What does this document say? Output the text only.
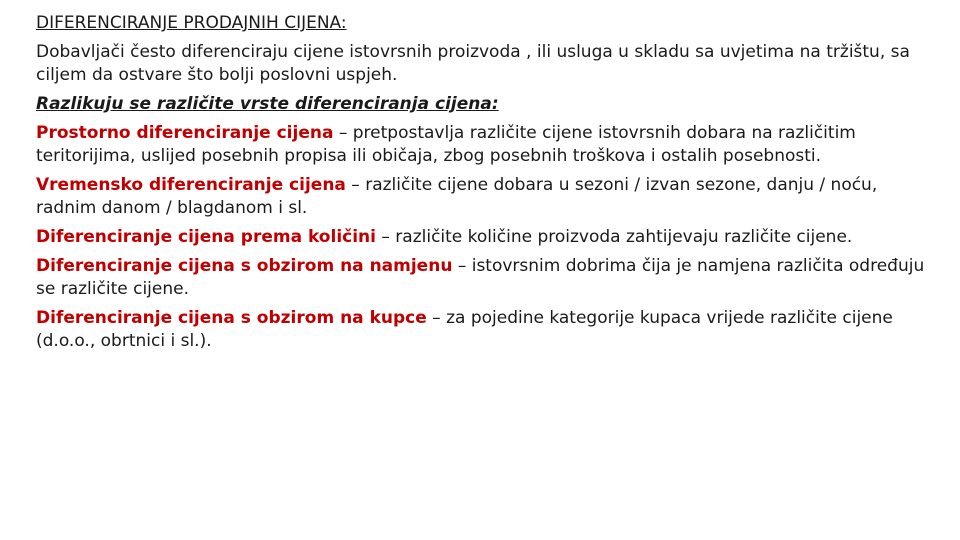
DIFERENCIRANJE PRODAJNIH CIJENA:

Dobavljači često diferenciraju cijene istovrsnih proizvoda , ili usluga u skladu sa uvjetima na tržištu, sa ciljem da ostvare što bolji poslovni uspjeh.

Razlikuju se različite vrste diferenciranja cijena:

Prostorno diferenciranje cijena – pretpostavlja različite cijene istovrsnih dobara na različitim teritorijima, uslijed posebnih propisa ili običaja, zbog posebnih troškova i ostalih posebnosti.

Vremensko diferenciranje cijena – različite cijene dobara u sezoni / izvan sezone, danju / noću, radnim danom / blagdanom i sl.

Diferenciranje cijena prema količini – različite količine proizvoda zahtijevaju različite cijene.

Diferenciranje cijena s obzirom na namjenu – istovrsnim dobrima čija je namjena različita određuju se različite cijene.

Diferenciranje cijena s obzirom na kupce – za pojedine kategorije kupaca vrijede različite cijene (d.o.o., obrtnici i sl.).
